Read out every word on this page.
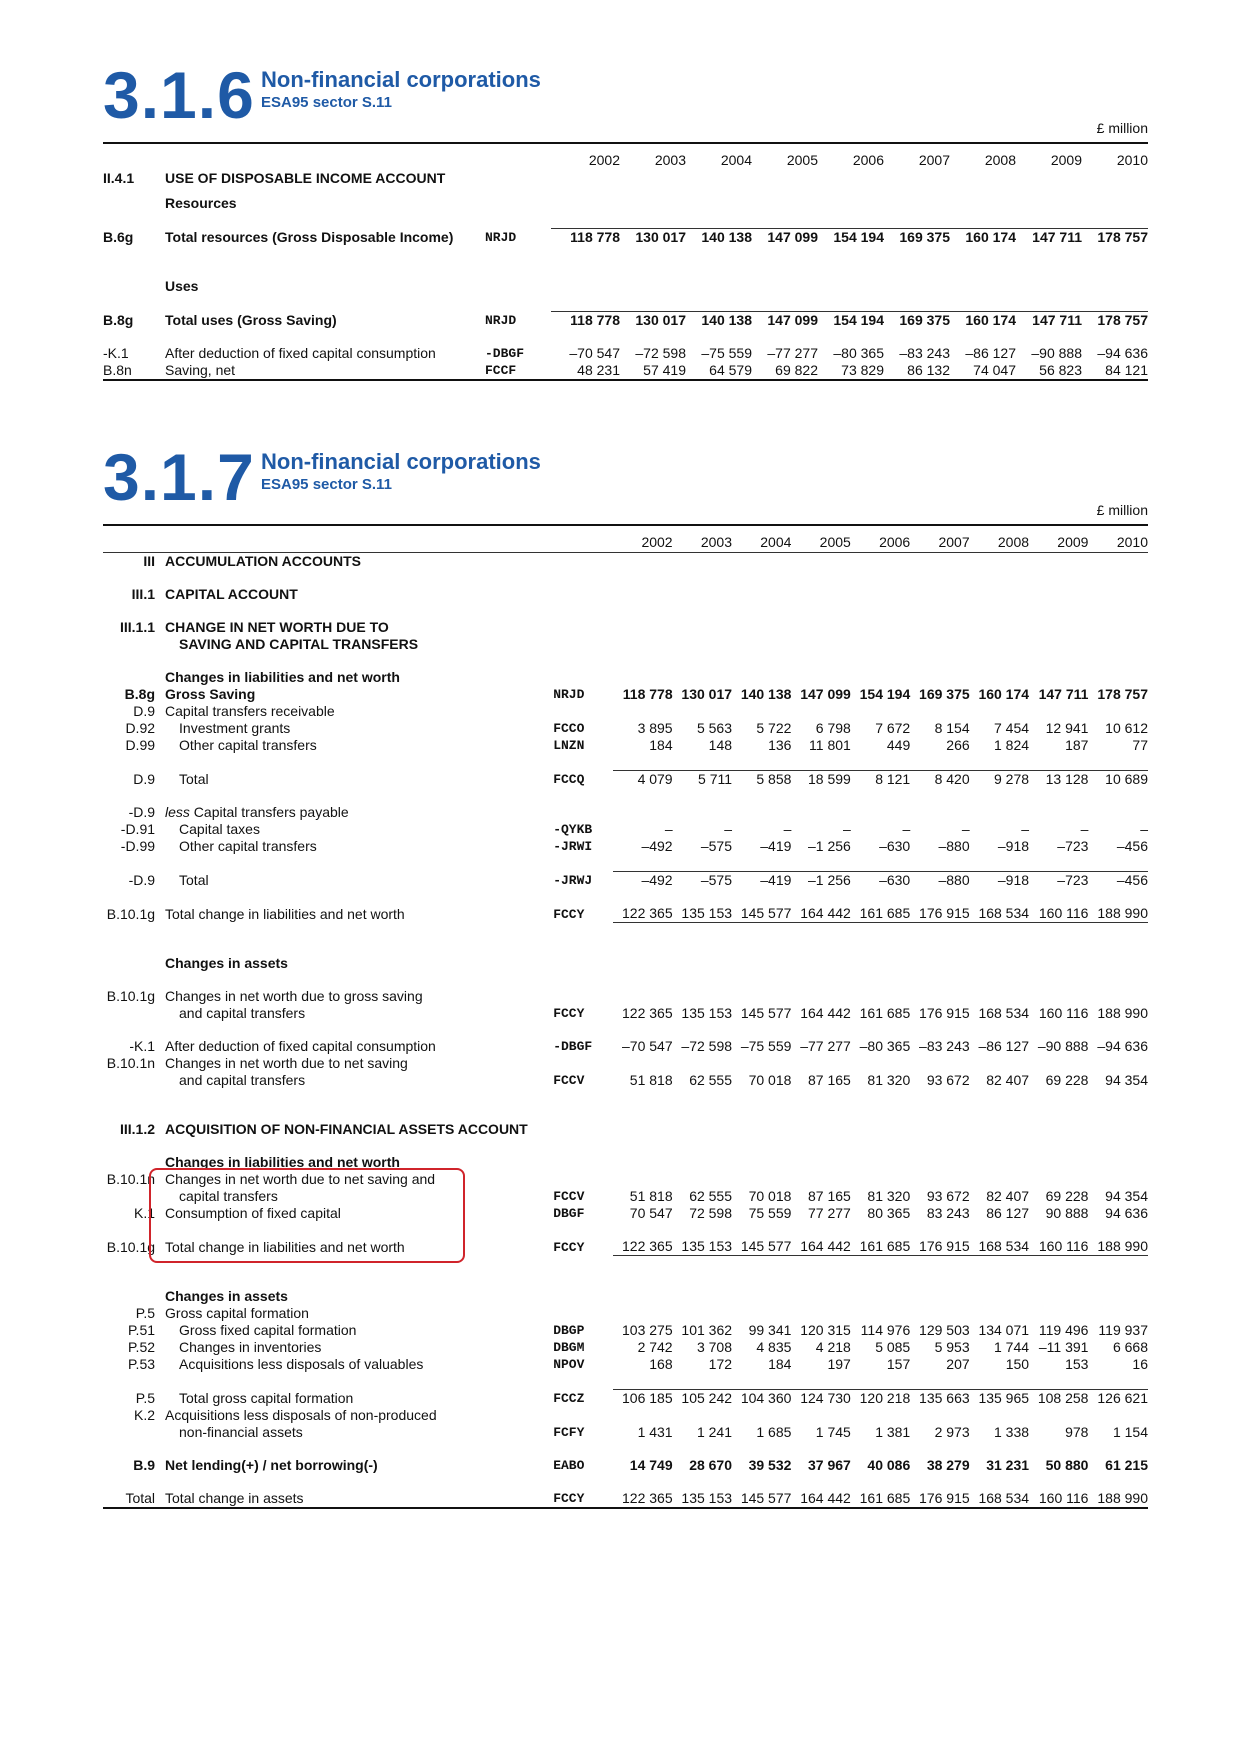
3.1.6 Non-financial corporations
ESA95 sector S.11
£ million
			2002	2003	2004	2005	2006	2007	2008	2009	2010
II.4.1	USE OF DISPOSABLE INCOME ACCOUNT										

	Resources										

B.6g	Total resources (Gross Disposable Income)	NRJD	118 778	130 017	140 138	147 099	154 194	169 375	160 174	147 711	178 757

	Uses										

B.8g	Total uses (Gross Saving)	NRJD	118 778	130 017	140 138	147 099	154 194	169 375	160 174	147 711	178 757

-K.1	After deduction of fixed capital consumption	-DBGF	–70 547	–72 598	–75 559	–77 277	–80 365	–83 243	–86 127	–90 888	–94 636
B.8n	Saving, net	FCCF	48 231	57 419	64 579	69 822	73 829	86 132	74 047	56 823	84 121
3.1.7 Non-financial corporations
ESA95 sector S.11
£ million
			2002	2003	2004	2005	2006	2007	2008	2009	2010
III	ACCUMULATION ACCOUNTS										

III.1	CAPITAL ACCOUNT										

III.1.1	CHANGE IN NET WORTH DUE TO										
	SAVING AND CAPITAL TRANSFERS										

	Changes in liabilities and net worth										
B.8g	Gross Saving	NRJD	118 778	130 017	140 138	147 099	154 194	169 375	160 174	147 711	178 757
D.9	Capital transfers receivable										
D.92	Investment grants	FCCO	3 895	5 563	5 722	6 798	7 672	8 154	7 454	12 941	10 612
D.99	Other capital transfers	LNZN	184	148	136	11 801	449	266	1 824	187	77

D.9	Total	FCCQ	4 079	5 711	5 858	18 599	8 121	8 420	9 278	13 128	10 689

-D.9	less Capital transfers payable										
-D.91	Capital taxes	-QYKB	–	–	–	–	–	–	–	–	–
-D.99	Other capital transfers	-JRWI	–492	–575	–419	–1 256	–630	–880	–918	–723	–456

-D.9	Total	-JRWJ	–492	–575	–419	–1 256	–630	–880	–918	–723	–456

B.10.1g	Total change in liabilities and net worth	FCCY	122 365	135 153	145 577	164 442	161 685	176 915	168 534	160 116	188 990

	Changes in assets										

B.10.1g	Changes in net worth due to gross saving										
	and capital transfers	FCCY	122 365	135 153	145 577	164 442	161 685	176 915	168 534	160 116	188 990

-K.1	After deduction of fixed capital consumption	-DBGF	–70 547	–72 598	–75 559	–77 277	–80 365	–83 243	–86 127	–90 888	–94 636
B.10.1n	Changes in net worth due to net saving										
	and capital transfers	FCCV	51 818	62 555	70 018	87 165	81 320	93 672	82 407	69 228	94 354

III.1.2	ACQUISITION OF NON-FINANCIAL ASSETS ACCOUNT										

	Changes in liabilities and net worth										
B.10.1n	Changes in net worth due to net saving and										
	capital transfers	FCCV	51 818	62 555	70 018	87 165	81 320	93 672	82 407	69 228	94 354
K.1	Consumption of fixed capital	DBGF	70 547	72 598	75 559	77 277	80 365	83 243	86 127	90 888	94 636

B.10.1g	Total change in liabilities and net worth	FCCY	122 365	135 153	145 577	164 442	161 685	176 915	168 534	160 116	188 990

	Changes in assets										
P.5	Gross capital formation										
P.51	Gross fixed capital formation	DBGP	103 275	101 362	99 341	120 315	114 976	129 503	134 071	119 496	119 937
P.52	Changes in inventories	DBGM	2 742	3 708	4 835	4 218	5 085	5 953	1 744	–11 391	6 668
P.53	Acquisitions less disposals of valuables	NPOV	168	172	184	197	157	207	150	153	16

P.5	Total gross capital formation	FCCZ	106 185	105 242	104 360	124 730	120 218	135 663	135 965	108 258	126 621
K.2	Acquisitions less disposals of non-produced										
	non-financial assets	FCFY	1 431	1 241	1 685	1 745	1 381	2 973	1 338	978	1 154

B.9	Net lending(+) / net borrowing(-)	EABO	14 749	28 670	39 532	37 967	40 086	38 279	31 231	50 880	61 215

Total	Total change in assets	FCCY	122 365	135 153	145 577	164 442	161 685	176 915	168 534	160 116	188 990
